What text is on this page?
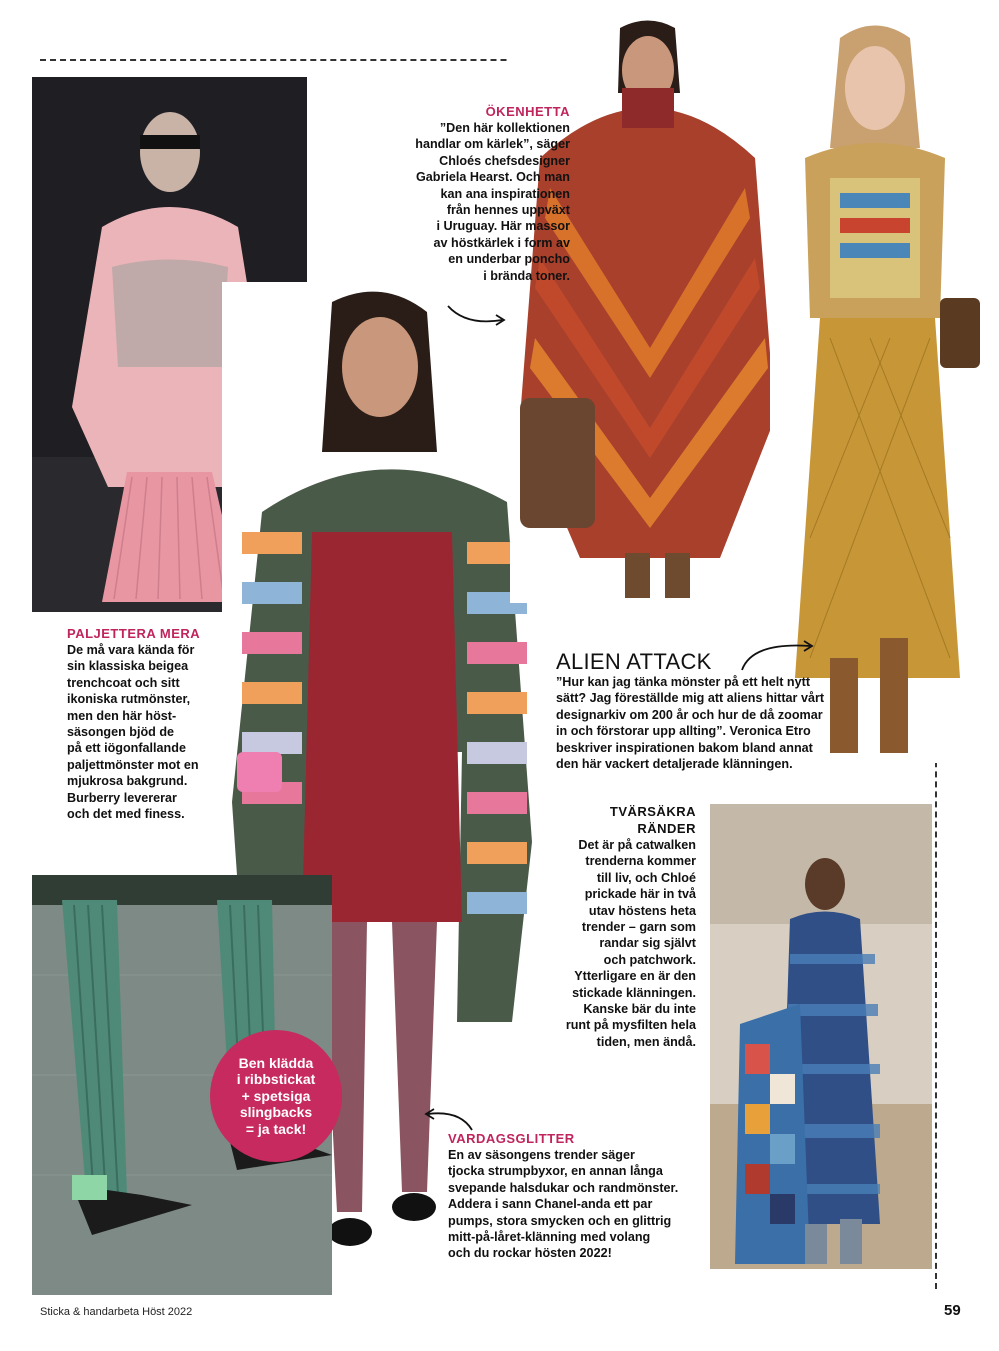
ÖKENHETTA

”Den här kollektionen

handlar om kärlek”, säger

Chloés chefsdesigner

Gabriela Hearst. Och man

kan ana inspirationen

från hennes uppväxt

i Uruguay. Här massor

av höstkärlek i form av

en underbar poncho

i brända toner.

PALJETTERA MERA

De må vara kända för

sin klassiska beigea

trenchcoat och sitt

ikoniska rutmönster,

men den här höst-

säsongen bjöd de

på ett iögonfallande

paljettmönster mot en

mjukrosa bakgrund.

Burberry levererar

och det med finess.

ALIEN ATTACK

”Hur kan jag tänka mönster på ett helt nytt

sätt? Jag föreställde mig att aliens hittar vårt

designarkiv om 200 år och hur de då zoomar

in och förstorar upp allting”. Veronica Etro

beskriver inspirationen bakom bland annat

den här vackert detaljerade klänningen.

TVÄRSÄKRA

RÄNDER

Det är på catwalken

trenderna kommer

till liv, och Chloé

prickade här in två

utav höstens heta

trender – garn som

randar sig självt

och patchwork.

Ytterligare en är den

stickade klänningen.

Kanske bär du inte

runt på mysfilten hela

tiden, men ändå.

Ben klädda
i ribbstickat
+ spetsiga
slingbacks
= ja tack!

VARDAGSGLITTER

En av säsongens trender säger

tjocka strumpbyxor, en annan långa

svepande halsdukar och randmönster.

Addera i sann Chanel-anda ett par

pumps, stora smycken och en glittrig

mitt-på-låret-klänning med volang

och du rockar hösten 2022!

Sticka & handarbeta Höst 2022	59
